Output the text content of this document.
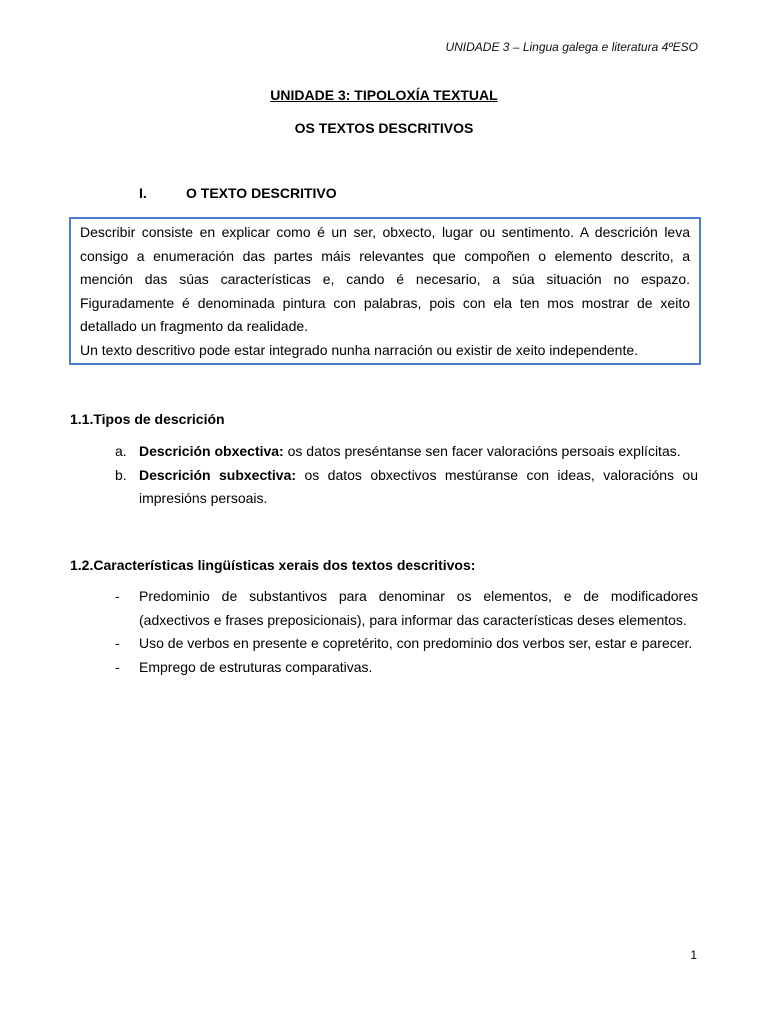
UNIDADE 3 – Lingua galega e literatura 4ºESO
UNIDADE 3: TIPOLOXÍA TEXTUAL
OS TEXTOS DESCRITIVOS
I.	O TEXTO DESCRITIVO

Describir consiste en explicar como é un ser, obxecto, lugar ou sentimento. A descrición leva consigo a enumeración das partes máis relevantes que compoñen o elemento descrito, a mención das súas características e, cando é necesario, a súa situación no espazo. Figuradamente é denominada pintura con palabras, pois con ela ten mos mostrar de xeito detallado un fragmento da realidade.

Un texto descritivo pode estar integrado nunha narración ou existir de xeito independente.

1.1.Tipos de descrición
a. Descrición obxectiva: os datos preséntanse sen facer valoracións persoais explícitas.
b. Descrición subxectiva: os datos obxectivos mestúranse con ideas, valoracións ou impresións persoais.
1.2.Características lingüísticas xerais dos textos descritivos:
- Predominio de substantivos para denominar os elementos, e de modificadores (adxectivos e frases preposicionais), para informar das características deses elementos.
- Uso de verbos en presente e copretérito, con predominio dos verbos ser, estar e parecer.
- Emprego de estruturas comparativas.
1
